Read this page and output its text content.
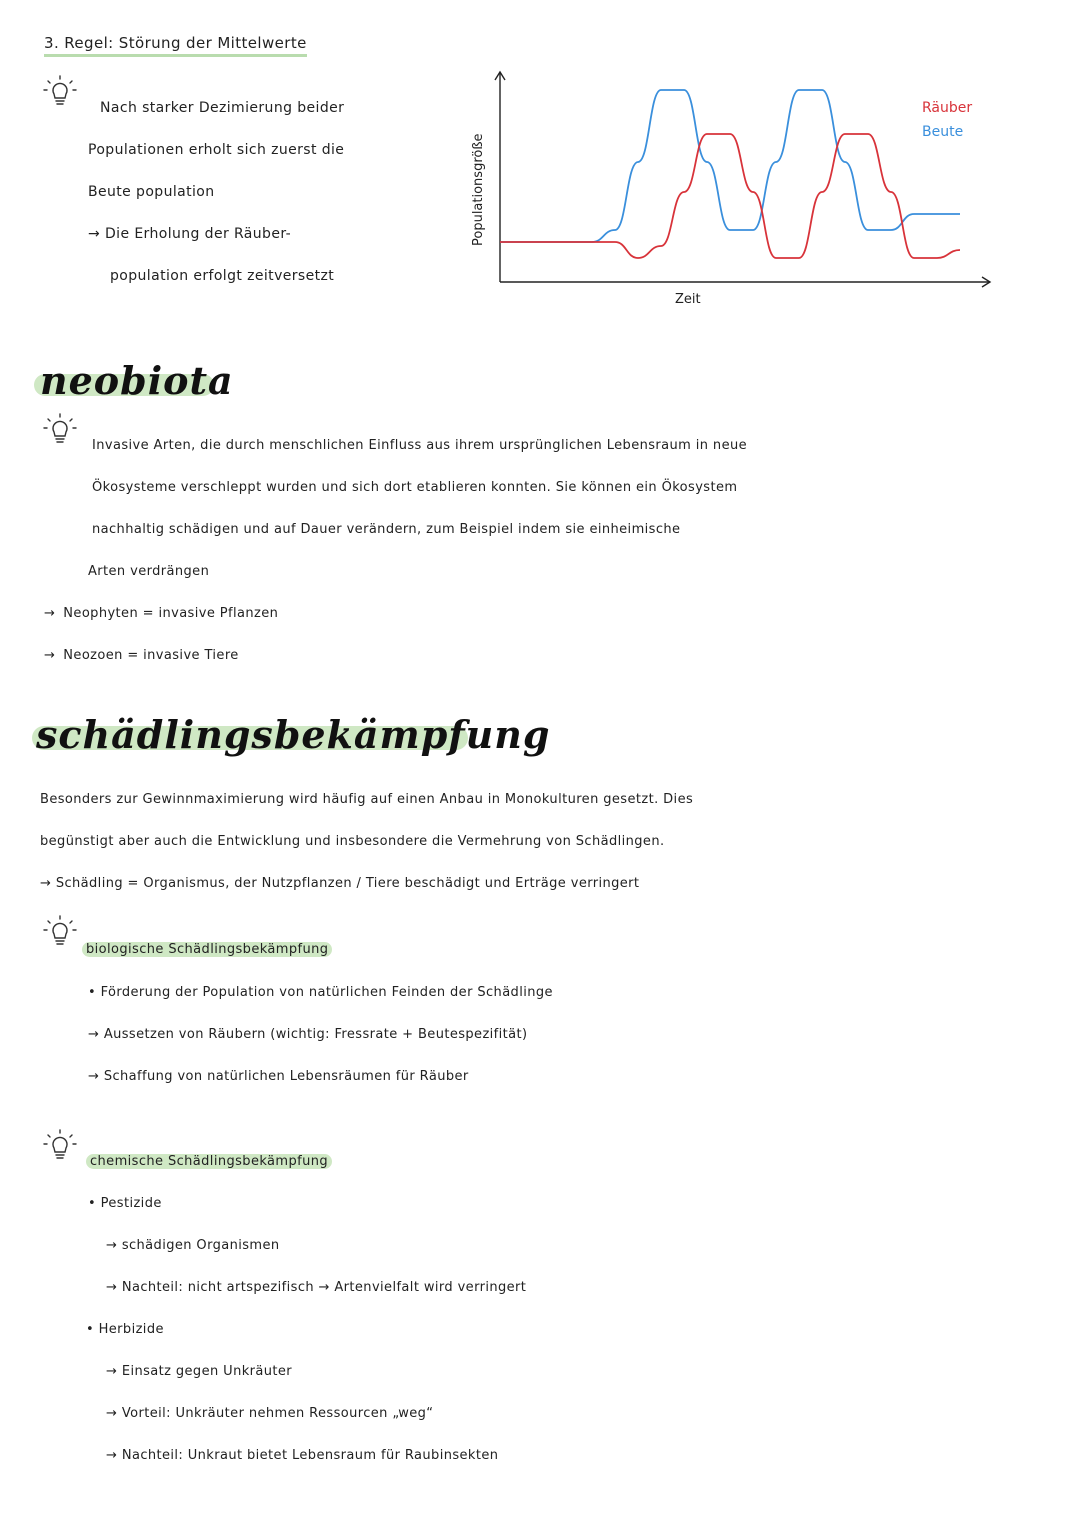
3. Regel: Störung der Mittelwerte
Nach starker Dezimierung beider
Populationen erholt sich zuerst die
Beute population
→ Die Erholung der Räuber-
population erfolgt zeitversetzt
Populationsgröße
Zeit
Räuber
Beute
neobiota
Invasive Arten, die durch menschlichen Einfluss aus ihrem ursprünglichen Lebensraum in neue
Ökosysteme verschleppt wurden und sich dort etablieren konnten. Sie können ein Ökosystem
nachhaltig schädigen und auf Dauer verändern, zum Beispiel indem sie einheimische
Arten verdrängen
→ Neophyten = invasive Pflanzen
→ Neozoen = invasive Tiere
schädlingsbekämpfung
Besonders zur Gewinnmaximierung wird häufig auf einen Anbau in Monokulturen gesetzt. Dies
begünstigt aber auch die Entwicklung und insbesondere die Vermehrung von Schädlingen.
→ Schädling = Organismus, der Nutzpflanzen / Tiere beschädigt und Erträge verringert
biologische Schädlingsbekämpfung
• Förderung der Population von natürlichen Feinden der Schädlinge
→ Aussetzen von Räubern (wichtig: Fressrate + Beutespezifität)
→ Schaffung von natürlichen Lebensräumen für Räuber
chemische Schädlingsbekämpfung
• Pestizide
→ schädigen Organismen
→ Nachteil: nicht artspezifisch → Artenvielfalt wird verringert
• Herbizide
→ Einsatz gegen Unkräuter
→ Vorteil: Unkräuter nehmen Ressourcen „weg“
→ Nachteil: Unkraut bietet Lebensraum für Raubinsekten
